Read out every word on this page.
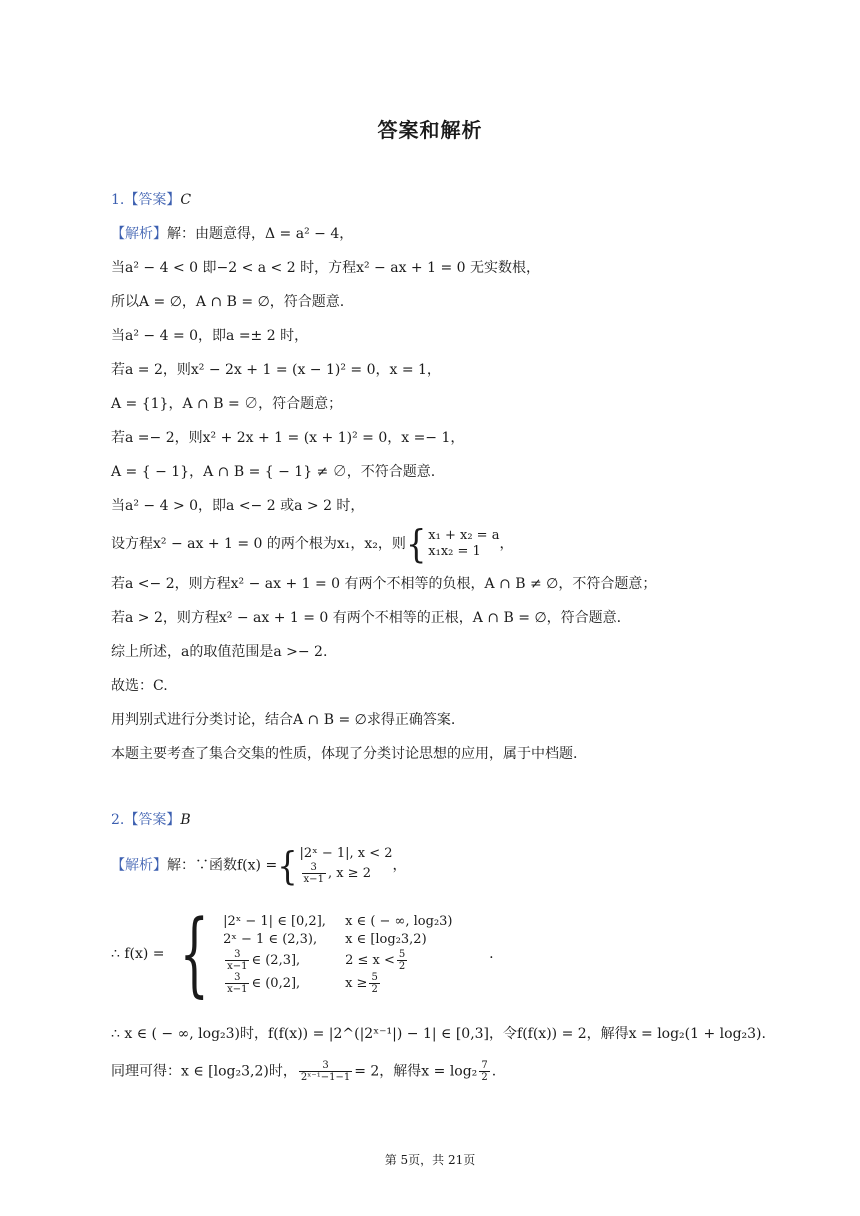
答案和解析
1.【答案】C
【解析】解：由题意得，Δ = a² − 4，
当a² − 4 < 0 即−2 < a < 2 时，方程x² − ax + 1 = 0 无实数根，
所以A = ∅，A ∩ B = ∅，符合题意.
当a² − 4 = 0，即a =± 2 时，
若a = 2，则x² − 2x + 1 = (x − 1)² = 0，x = 1，
A = {1}，A ∩ B = ∅，符合题意；
若a =− 2，则x² + 2x + 1 = (x + 1)² = 0，x =− 1，
A = { − 1}，A ∩ B = { − 1} ≠ ∅，不符合题意.
当a² − 4 > 0，即a <− 2 或a > 2 时，
设方程x² − ax + 1 = 0 的两个根为x₁，x₂，则{ x₁ + x₂ = a
x₁x₂ = 1	，
若a <− 2，则方程x² − ax + 1 = 0 有两个不相等的负根，A ∩ B ≠ ∅，不符合题意；
若a > 2，则方程x² − ax + 1 = 0 有两个不相等的正根，A ∩ B = ∅，符合题意.
综上所述，a的取值范围是a >− 2.
故选：C.
用判别式进行分类讨论，结合A ∩ B = ∅求得正确答案.
本题主要考查了集合交集的性质，体现了分类讨论思想的应用，属于中档题.
2.【答案】B
【解析】解：∵函数f(x) ={ |2ˣ − 1|, x < 2
$\frac{3}{x-1}$ , x ≥ 2	，
∴ f(x) = { |2ˣ − 1| ∈ [0,2],	x ∈ ( − ∞, log₂3)
2ˣ − 1 ∈ (2,3),	x ∈ [log₂3,2)
$\frac{3}{x-1}$ ∈ (2,3],	$2 \le x < \frac{5}{2}$
$\frac{3}{x-1}$ ∈ (0,2],	$x \ge \frac{5}{2}$
.
∴ x ∈ ( − ∞, log₂3)时，f(f(x)) = |2^(|2ˣ⁻¹|) − 1| ∈ [0,3]，令f(f(x)) = 2，解得x = log₂(1 + log₂3).
同理可得：x ∈ [log₂3,2)时， $\frac{3}{\text{2ˣ⁻¹−1−1}} = 2$，解得$x = \log_2 \frac{7}{2}$ .
第 5页，共 21页
